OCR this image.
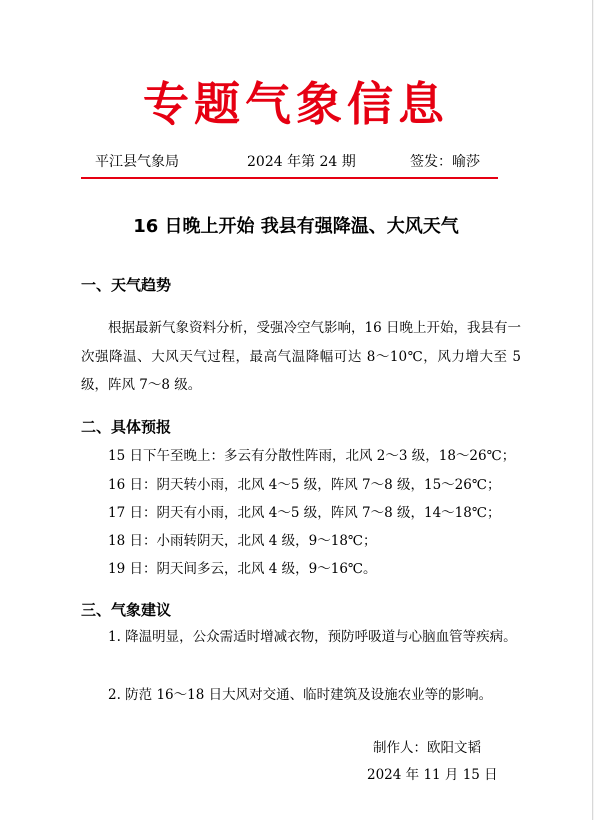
专题气象信息
平江县气象局	2024 年第 24 期	签发：喻莎
16 日晚上开始 我县有强降温、大风天气
一、天气趋势
根据最新气象资料分析，受强冷空气影响，16 日晚上开始，我县有一次强降温、大风天气过程，最高气温降幅可达 8～10℃，风力增大至 5 级，阵风 7～8 级。
二、具体预报
15 日下午至晚上：多云有分散性阵雨，北风 2～3 级，18～26℃；
16 日：阴天转小雨，北风 4～5 级，阵风 7～8 级，15～26℃；
17 日：阴天有小雨，北风 4～5 级，阵风 7～8 级，14～18℃；
18 日：小雨转阴天，北风 4 级，9～18℃；
19 日：阴天间多云，北风 4 级，9～16℃。
三、气象建议
1. 降温明显，公众需适时增减衣物，预防呼吸道与心脑血管等疾病。
2. 防范 16～18 日大风对交通、临时建筑及设施农业等的影响。
制作人：欧阳文韬
2024 年 11 月 15 日
